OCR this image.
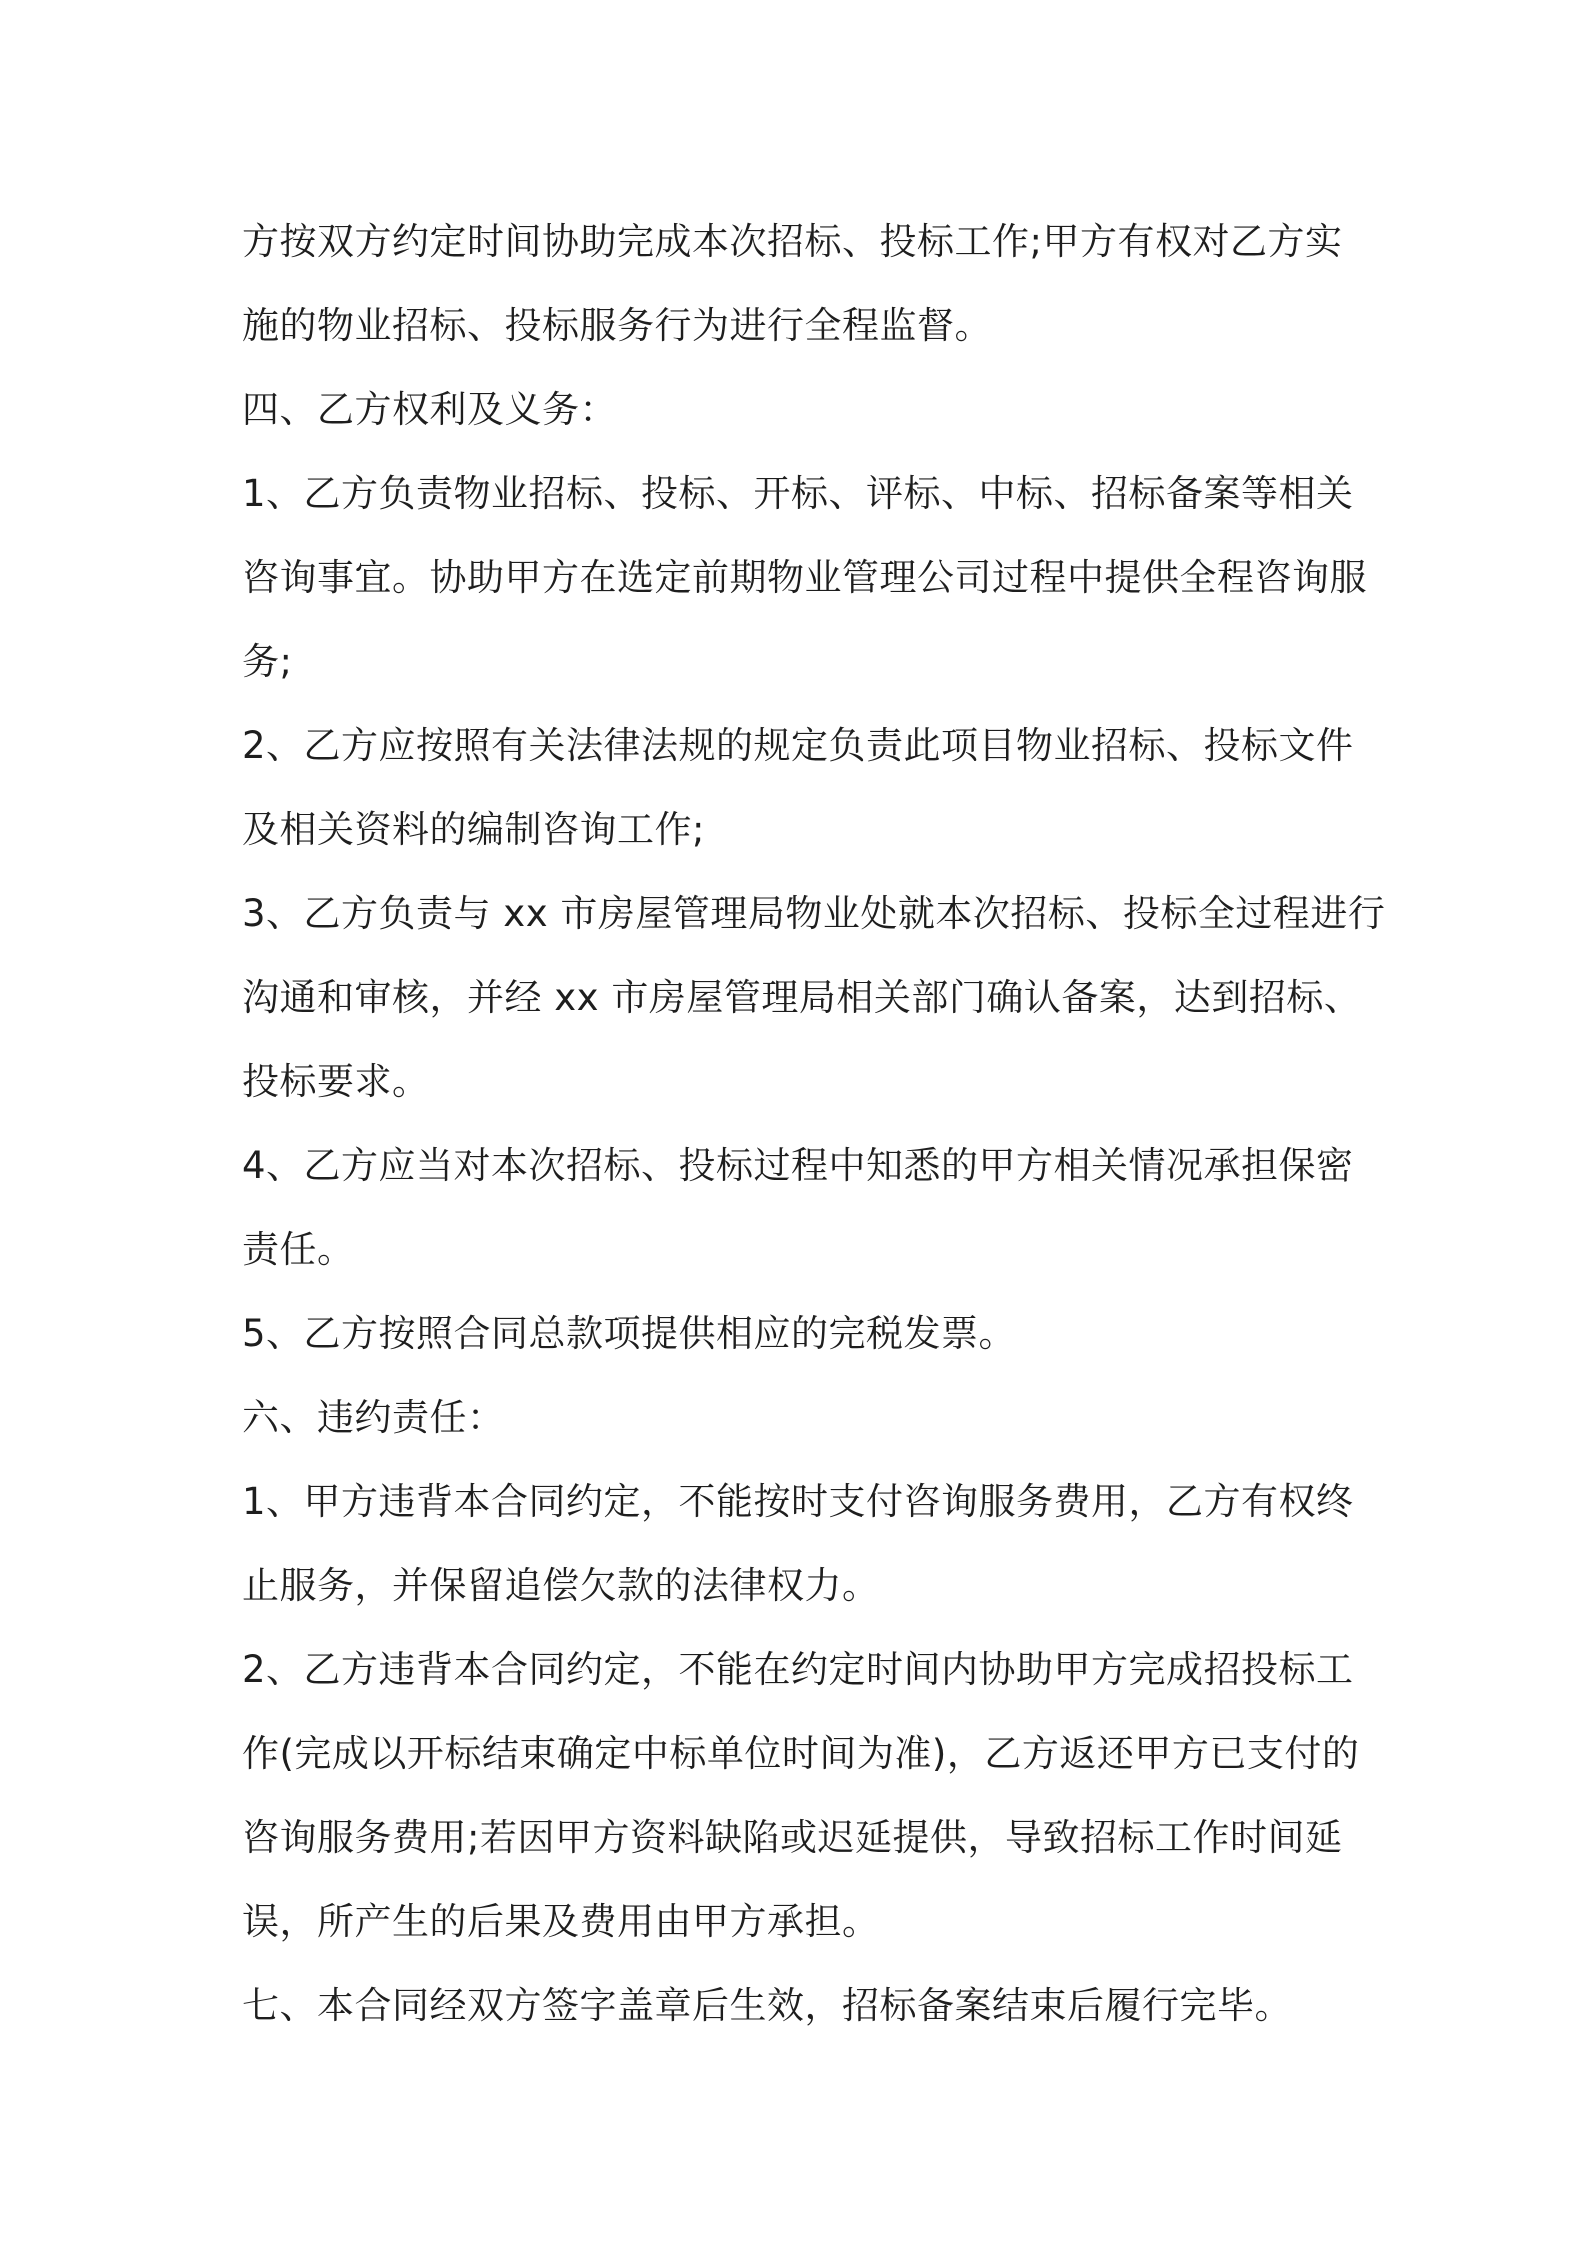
方按双方约定时间协助完成本次招标、投标工作;甲方有权对乙方实
施的物业招标、投标服务行为进行全程监督。
四、乙方权利及义务：
1、乙方负责物业招标、投标、开标、评标、中标、招标备案等相关
咨询事宜。协助甲方在选定前期物业管理公司过程中提供全程咨询服
务;
2、乙方应按照有关法律法规的规定负责此项目物业招标、投标文件
及相关资料的编制咨询工作;
3、乙方负责与 xx 市房屋管理局物业处就本次招标、投标全过程进行
沟通和审核，并经 xx 市房屋管理局相关部门确认备案，达到招标、
投标要求。
4、乙方应当对本次招标、投标过程中知悉的甲方相关情况承担保密
责任。
5、乙方按照合同总款项提供相应的完税发票。
六、违约责任：
1、甲方违背本合同约定，不能按时支付咨询服务费用，乙方有权终
止服务，并保留追偿欠款的法律权力。
2、乙方违背本合同约定，不能在约定时间内协助甲方完成招投标工
作(完成以开标结束确定中标单位时间为准)，乙方返还甲方已支付的
咨询服务费用;若因甲方资料缺陷或迟延提供，导致招标工作时间延
误，所产生的后果及费用由甲方承担。
七、本合同经双方签字盖章后生效，招标备案结束后履行完毕。
